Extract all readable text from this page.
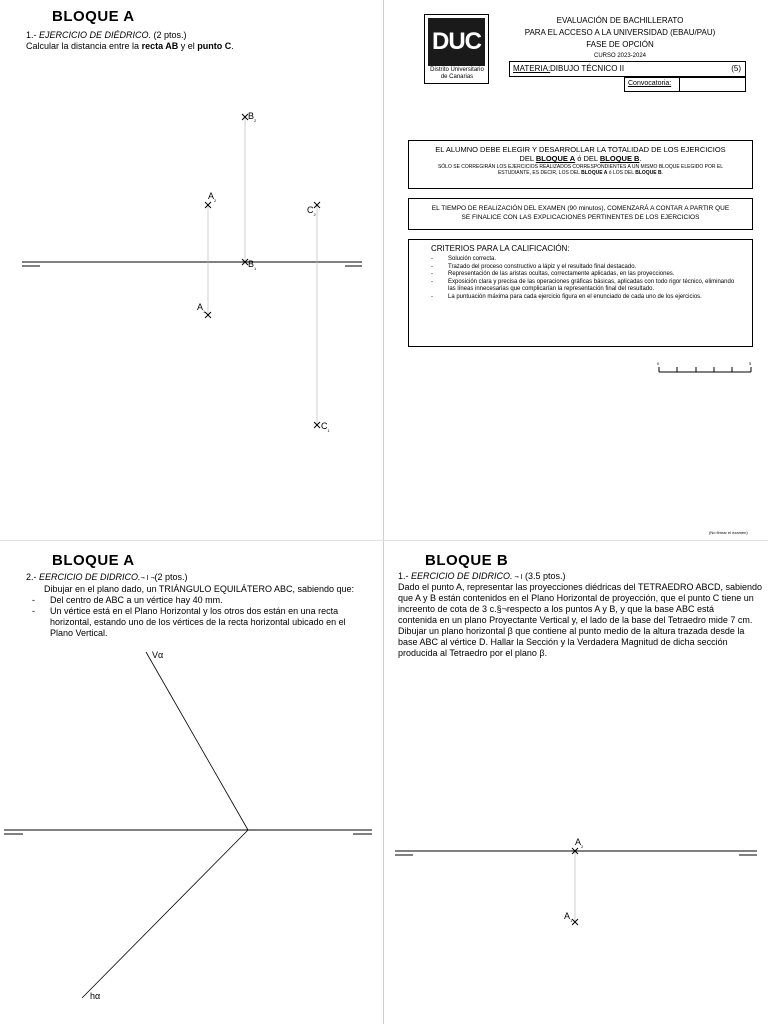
BLOQUE A
1.- EJERCICIO DE DIÉDRICO. (2 ptos.)
Calcular la distancia entre la recta AB y el punto C.
$B_2$
$A_2$
$C_2$
$B_1$
$A_1$
$C_1$
DUC
Distrito Universitario
de Canarias
EVALUACIÓN DE BACHILLERATO
PARA EL ACCESO A LA UNIVERSIDAD (EBAU/PAU)
FASE DE OPCIÓN
CURSO 2023-2024
MATERIA: DIBUJO TÉCNICO II	(5)
Convocatoria:
EL ALUMNO DEBE ELEGIR Y DESARROLLAR LA TOTALIDAD DE LOS EJERCICIOS
DEL BLOQUE A ó DEL BLOQUE B.
SÓLO SE CORREGIRÁN LOS EJERCICIOS REALIZADOS CORRESPONDIENTES A UN MISMO BLOQUE ELEGIDO POR EL
ESTUDIANTE, ES DECIR, LOS DEL BLOQUE A ó LOS DEL BLOQUE B.
EL TIEMPO DE REALIZACIÓN DEL EXAMEN (90 minutos), COMENZARÁ A CONTAR A PARTIR QUE
SE FINALICE CON LAS EXPLICACIONES PERTINENTES DE LOS EJERCICIOS
CRITERIOS PARA LA CALIFICACIÓN:
-	Solución correcta.
-	Trazado del proceso constructivo a lápiz y el resultado final destacado.
-	Representación de las aristas ocultas, correctamente aplicadas, en las proyecciones.
-	Exposición clara y precisa de las operaciones gráficas básicas, aplicadas con todo rigor técnico, eliminando las líneas innecesarias que complicarían la representación final del resultado.
-	La puntuación máxima para cada ejercicio figura en el enunciado de cada uno de los ejercicios.
0	5
(No firmar el examen)
BLOQUE A
2.- EERCICIO DE DIDRICO.¬ I ¬(2 ptos.)
Dibujar en el plano dado, un TRIÁNGULO EQUILÁTERO ABC, sabiendo que:
- Del centro de ABC a un vértice hay 40 mm.
- Un vértice está en el Plano Horizontal y los otros dos están en una recta
horizontal, estando uno de los vértices de la recta horizontal ubicado en el
Plano Vertical.
Vα
hα
BLOQUE B
1.- EERCICIO DE DIDRICO. ¬ I (3.5 ptos.)
Dado el punto A, representar las proyecciones diédricas del TETRAEDRO ABCD, sabiendo
que A y B están contenidos en el Plano Horizontal de proyección, que el punto C tiene un
increento de cota de 3 c.§¬respecto a los puntos A y B, y que la base ABC está
contenida en un plano Proyectante Vertical y, el lado de la base del Tetraedro mide 7 cm.
Dibujar un plano horizontal β que contiene al punto medio de la altura trazada desde la
base ABC al vértice D. Hallar la Sección y la Verdadera Magnitud de dicha sección
producida al Tetraedro por el plano β.
$A_2$
$A_1$
